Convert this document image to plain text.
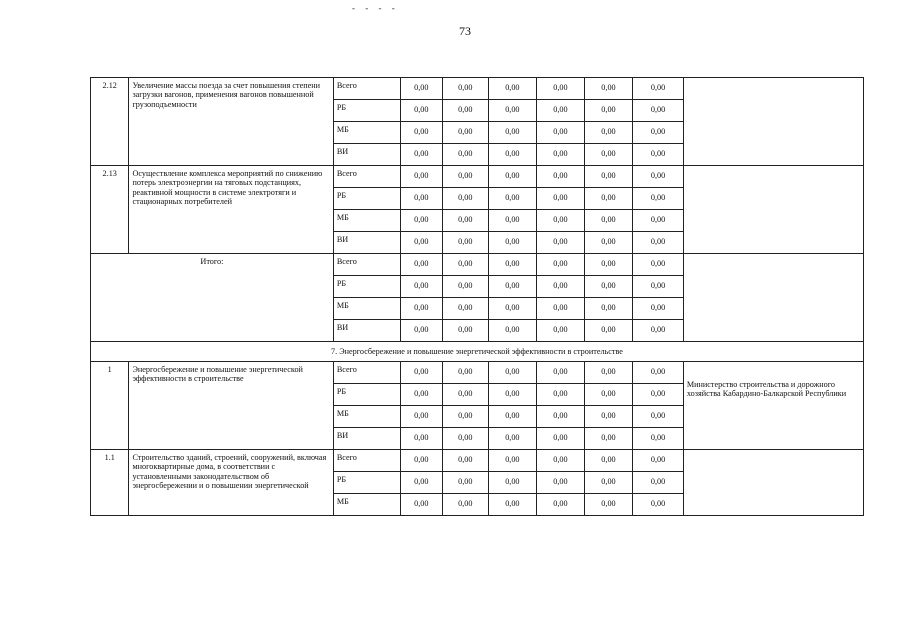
- - - -
73
2.12	Увеличение массы поезда за счет повышения степени загрузки вагонов, применения вагонов повышенной грузоподъемности	Всего	0,00	0,00	0,00	0,00	0,00	0,00	
		РБ	0,00	0,00	0,00	0,00	0,00	0,00	
		МБ	0,00	0,00	0,00	0,00	0,00	0,00	
		ВИ	0,00	0,00	0,00	0,00	0,00	0,00	
2.13	Осуществление комплекса мероприятий по снижению потерь электроэнергии на тяговых подстанциях, реактивной мощности в системе электротяги и стационарных потребителей	Всего	0,00	0,00	0,00	0,00	0,00	0,00	
		РБ	0,00	0,00	0,00	0,00	0,00	0,00	
		МБ	0,00	0,00	0,00	0,00	0,00	0,00	
		ВИ	0,00	0,00	0,00	0,00	0,00	0,00	
Итого:		Всего	0,00	0,00	0,00	0,00	0,00	0,00	
		РБ	0,00	0,00	0,00	0,00	0,00	0,00	
		МБ	0,00	0,00	0,00	0,00	0,00	0,00	
		ВИ	0,00	0,00	0,00	0,00	0,00	0,00	
7. Энергосбережение и повышение энергетической эффективности в строительстве									
1	Энергосбережение и повышение энергетической эффективности в строительстве	Всего	0,00	0,00	0,00	0,00	0,00	0,00	Министерство строительства и дорожного хозяйства Кабардино-Балкарской Республики
		РБ	0,00	0,00	0,00	0,00	0,00	0,00	
		МБ	0,00	0,00	0,00	0,00	0,00	0,00	
		ВИ	0,00	0,00	0,00	0,00	0,00	0,00	
1.1	Строительство зданий, строений, сооружений, включая многоквартирные дома, в соответствии с установленными законодательством об энергосбережении и о повышении энергетической	Всего	0,00	0,00	0,00	0,00	0,00	0,00	
		РБ	0,00	0,00	0,00	0,00	0,00	0,00	
		МБ	0,00	0,00	0,00	0,00	0,00	0,00	
